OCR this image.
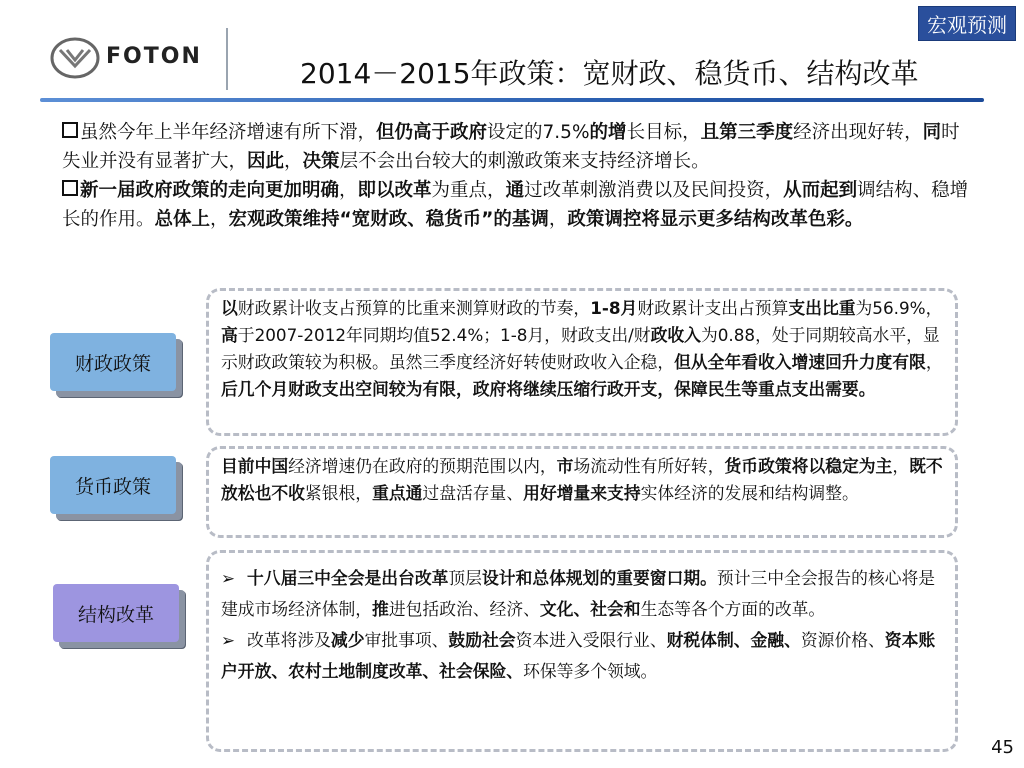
宏观预测
FOTON
2014－2015年政策：宽财政、稳货币、结构改革

虽然今年上半年经济增速有所下滑，但仍高于政府设定的7.5%的增长目标，且第三季度经济出现好转，同时失业并没有显著扩大，因此，决策层不会出台较大的刺激政策来支持经济增长。

新一届政府政策的走向更加明确，即以改革为重点，通过改革刺激消费以及民间投资，从而起到调结构、稳增长的作用。总体上，宏观政策维持“宽财政、稳货币”的基调，政策调控将显示更多结构改革色彩。

财政政策
以财政累计收支占预算的比重来测算财政的节奏，1-8月财政累计支出占预算支出比重为56.9%，高于2007-2012年同期均值52.4%；1-8月，财政支出/财政收入为0.88，处于同期较高水平，显示财政政策较为积极。虽然三季度经济好转使财政收入企稳，但从全年看收入增速回升力度有限，后几个月财政支出空间较为有限，政府将继续压缩行政开支，保障民生等重点支出需要。
货币政策
目前中国经济增速仍在政府的预期范围以内，市场流动性有所好转，货币政策将以稳定为主，既不放松也不收紧银根，重点通过盘活存量、用好增量来支持实体经济的发展和结构调整。
结构改革
➢ 十八届三中全会是出台改革顶层设计和总体规划的重要窗口期。预计三中全会报告的核心将是建成市场经济体制，推进包括政治、经济、文化、社会和生态等各个方面的改革。
➢ 改革将涉及减少审批事项、鼓励社会资本进入受限行业、财税体制、金融、资源价格、资本账户开放、农村土地制度改革、社会保险、环保等多个领域。
45
